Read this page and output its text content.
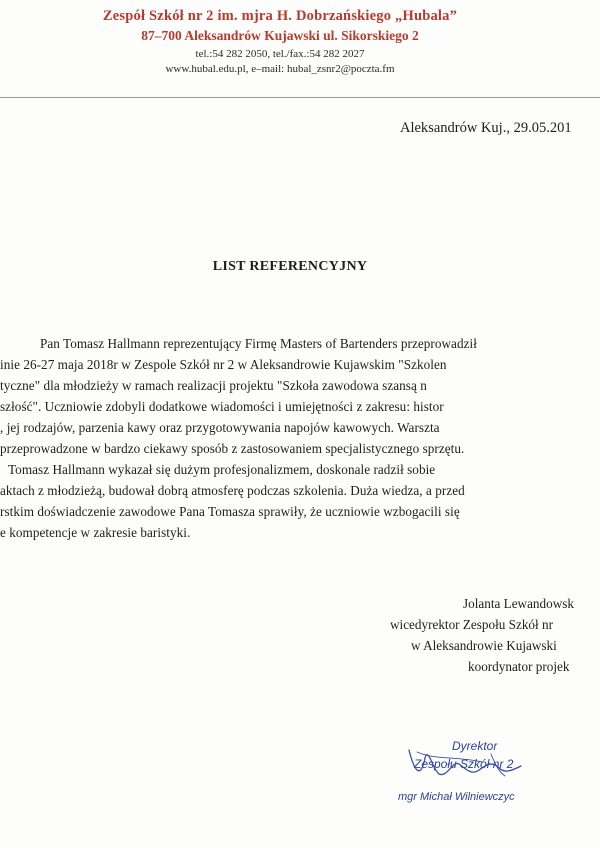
Zespół Szkół nr 2 im. mjra H. Dobrzańskiego „Hubala”
87–700 Aleksandrów Kujawski ul. Sikorskiego 2
tel.:54 282 2050, tel./fax.:54 282 2027
www.hubal.edu.pl, e–mail: hubal_zsnr2@poczta.fm
Aleksandrów Kuj., 29.05.201
LIST REFERENCYJNY
Pan Tomasz Hallmann reprezentujący Firmę Masters of Bartenders przeprowadził
inie 26-27 maja 2018r w Zespole Szkół nr 2 w Aleksandrowie Kujawskim "Szkolen
tyczne" dla młodzieży w ramach realizacji projektu "Szkoła zawodowa szansą n
szłość". Uczniowie zdobyli dodatkowe wiadomości i umiejętności z zakresu: histor
, jej rodzajów, parzenia kawy oraz przygotowywania napojów kawowych. Warszta
przeprowadzone w bardzo ciekawy sposób z zastosowaniem specjalistycznego sprzętu.
Tomasz Hallmann wykazał się dużym profesjonalizmem, doskonale radził sobie
aktach z młodzieżą, budował dobrą atmosferę podczas szkolenia. Duża wiedza, a przed
rstkim doświadczenie zawodowe Pana Tomasza sprawiły, że uczniowie wzbogacili się
e kompetencje w zakresie baristyki.
Jolanta Lewandowsk
wicedyrektor Zespołu Szkół nr
w Aleksandrowie Kujawski
koordynator projek
Dyrektor
Zespołu Szkół nr 2
mgr Michał Wilniewczyc
